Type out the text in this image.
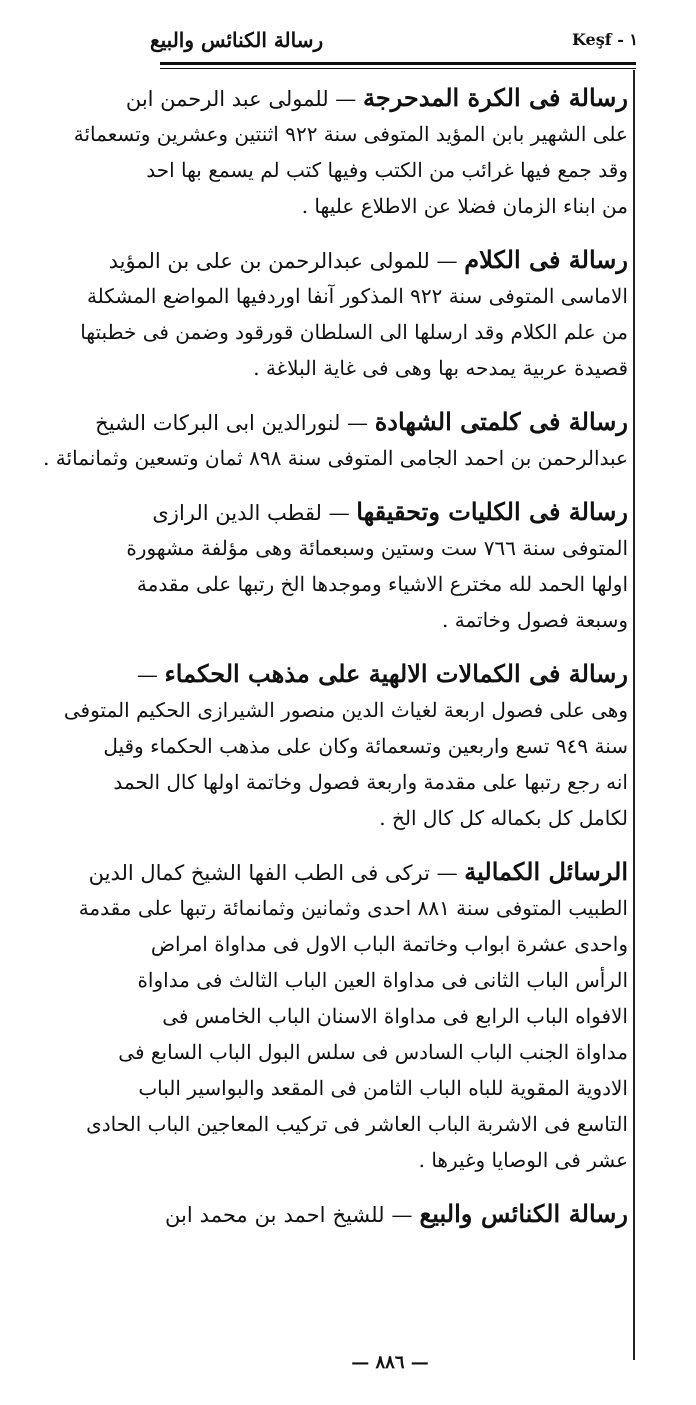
رسالة الكنائس والبيع	Keşf - ۱
رسالة فى الكرة المدحرجة — للمولى عبد الرحمن ابن
على الشهير بابن المؤيد المتوفى سنة ٩٢٢ اثنتين وعشرين وتسعمائة
وقد جمع فيها غرائب من الكتب وفيها كتب لم يسمع بها احد
من ابناء الزمان فضلا عن الاطلاع عليها .
رسالة فى الكلام — للمولى عبدالرحمن بن على بن المؤيد
الاماسى المتوفى سنة ٩٢٢ المذكور آنفا اوردفيها المواضع المشكلة
من علم الكلام وقد ارسلها الى السلطان قورقود وضمن فى خطبتها
قصيدة عربية يمدحه بها وهى فى غاية البلاغة .
رسالة فى كلمتى الشهادة — لنورالدين ابى البركات الشيخ
عبدالرحمن بن احمد الجامى المتوفى سنة ٨٩٨ ثمان وتسعين وثمانمائة .
رسالة فى الكليات وتحقيقها — لقطب الدين الرازى
المتوفى سنة ٧٦٦ ست وستين وسبعمائة وهى مؤلفة مشهورة
اولها الحمد لله مخترع الاشياء وموجدها الخ رتبها على مقدمة
وسبعة فصول وخاتمة .
رسالة فى الكمالات الالهية على مذهب الحكماء —
وهى على فصول اربعة لغياث الدين منصور الشيرازى الحكيم المتوفى
سنة ٩٤٩ تسع واربعين وتسعمائة وكان على مذهب الحكماء وقيل
انه رجع رتبها على مقدمة واربعة فصول وخاتمة اولها كال الحمد
لكامل كل بكماله كل كال الخ .
الرسائل الكمالية — تركى فى الطب الفها الشيخ كمال الدين
الطبيب المتوفى سنة ٨٨١ احدى وثمانين وثمانمائة رتبها على مقدمة
واحدى عشرة ابواب وخاتمة الباب الاول فى مداواة امراض
الرأس الباب الثانى فى مداواة العين الباب الثالث فى مداواة
الافواه الباب الرابع فى مداواة الاسنان الباب الخامس فى
مداواة الجنب الباب السادس فى سلس البول الباب السابع فى
الادوية المقوية للباه الباب الثامن فى المقعد والبواسير الباب
التاسع فى الاشربة الباب العاشر فى تركيب المعاجين الباب الحادى
عشر فى الوصايا وغيرها .
رسالة الكنائس والبيع — للشيخ احمد بن محمد ابن
— ٨٨٦ —
